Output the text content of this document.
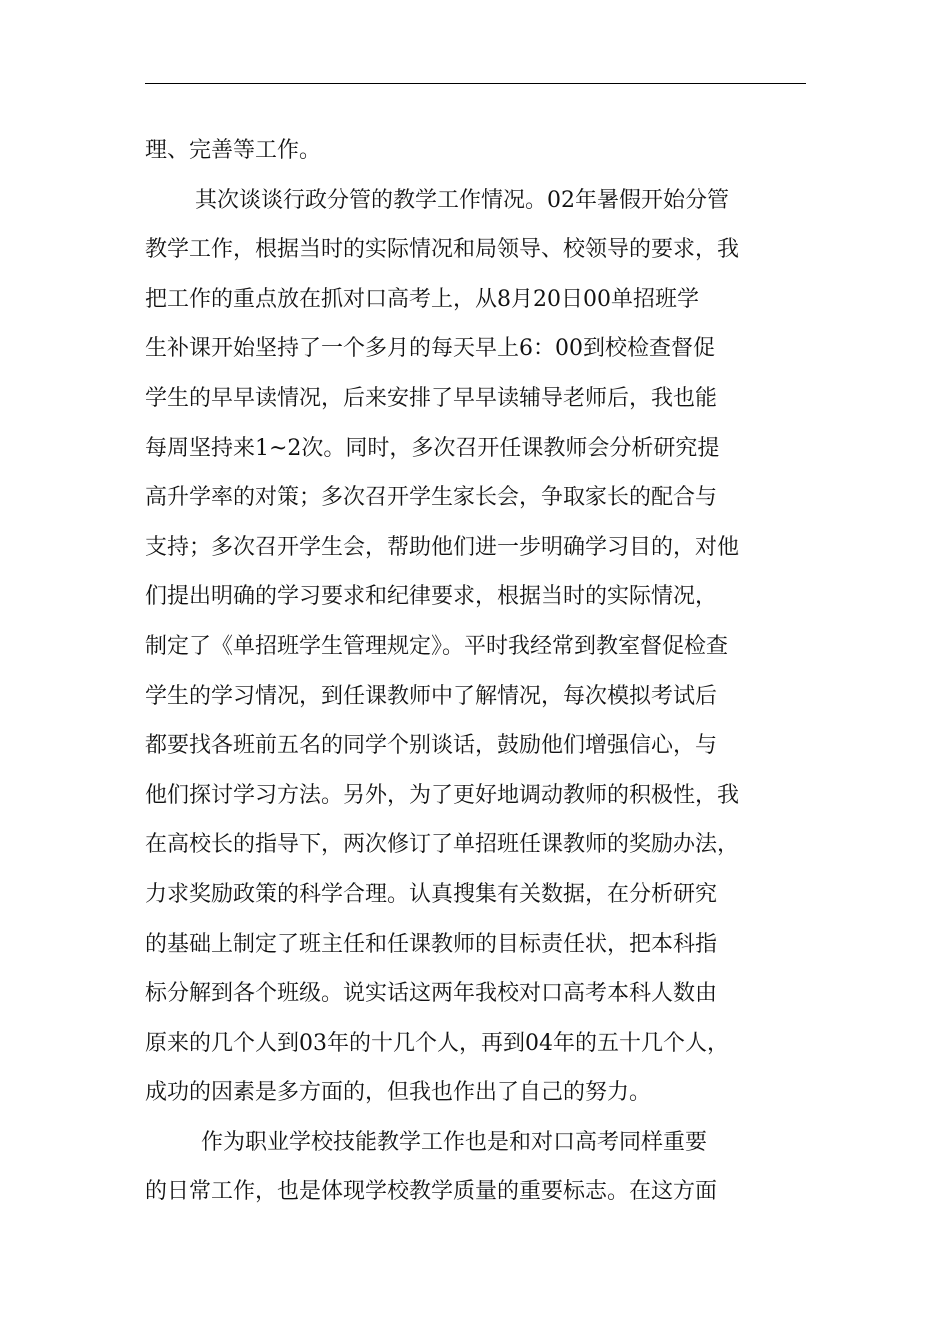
理、完善等工作。
其次谈谈行政分管的教学工作情况。02年暑假开始分管
教学工作，根据当时的实际情况和局领导、校领导的要求，我
把工作的重点放在抓对口高考上，从8月20日00单招班学
生补课开始坚持了一个多月的每天早上6：00到校检查督促
学生的早早读情况，后来安排了早早读辅导老师后，我也能
每周坚持来1~2次。同时，多次召开任课教师会分析研究提
高升学率的对策；多次召开学生家长会，争取家长的配合与
支持；多次召开学生会，帮助他们进一步明确学习目的，对他
们提出明确的学习要求和纪律要求，根据当时的实际情况，
制定了《单招班学生管理规定》。平时我经常到教室督促检查
学生的学习情况，到任课教师中了解情况，每次模拟考试后
都要找各班前五名的同学个别谈话，鼓励他们增强信心，与
他们探讨学习方法。另外，为了更好地调动教师的积极性，我
在高校长的指导下，两次修订了单招班任课教师的奖励办法，
力求奖励政策的科学合理。认真搜集有关数据，在分析研究
的基础上制定了班主任和任课教师的目标责任状，把本科指
标分解到各个班级。说实话这两年我校对口高考本科人数由
原来的几个人到03年的十几个人，再到04年的五十几个人，
成功的因素是多方面的，但我也作出了自己的努力。
作为职业学校技能教学工作也是和对口高考同样重要
的日常工作，也是体现学校教学质量的重要标志。在这方面
